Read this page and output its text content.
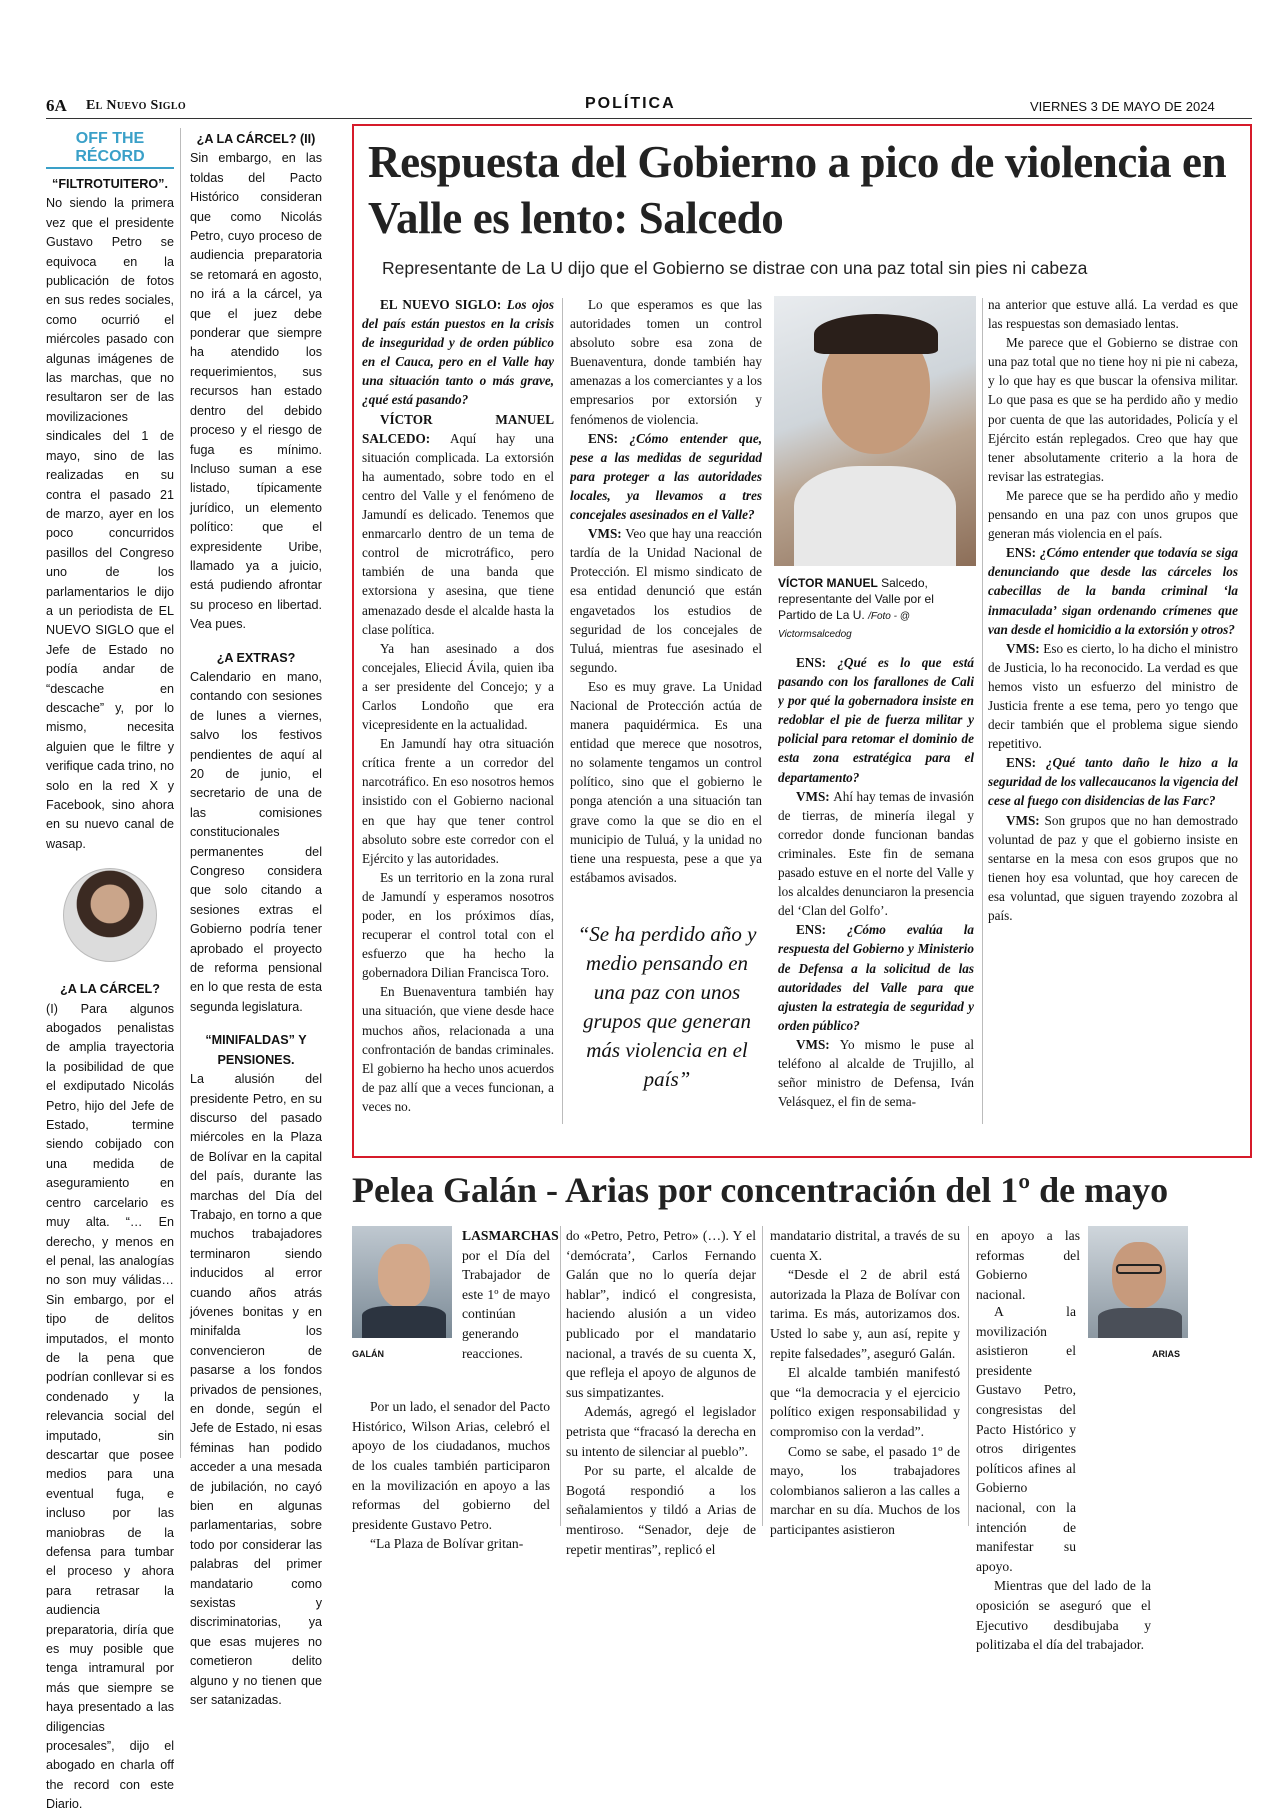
6A El Nuevo Siglo	POLÍTICA	VIERNES 3 DE MAYO DE 2024
OFF THE RÉCORD
“FILTROTUITERO”.

No siendo la primera vez que el presidente Gustavo Petro se equivoca en la publicación de fotos en sus redes sociales, como ocurrió el miércoles pasado con algunas imágenes de las marchas, que no resultaron ser de las movilizaciones sindicales del 1 de mayo, sino de las realizadas en su contra el pasado 21 de marzo, ayer en los poco concurridos pasillos del Congreso uno de los parlamentarios le dijo a un periodista de EL NUEVO SIGLO que el Jefe de Estado no podía andar de “descache en descache” y, por lo mismo, necesita alguien que le filtre y verifique cada trino, no solo en la red X y Facebook, sino ahora en su nuevo canal de wasap.

¿A LA CÁRCEL?

(I) Para algunos abogados penalistas de amplia trayectoria la posibilidad de que el exdiputado Nicolás Petro, hijo del Jefe de Estado, termine siendo cobijado con una medida de aseguramiento en centro carcelario es muy alta. “… En derecho, y menos en el penal, las analogías no son muy válidas… Sin embargo, por el tipo de delitos imputados, el monto de la pena que podrían conllevar si es condenado y la relevancia social del imputado, sin descartar que posee medios para una eventual fuga, e incluso por las maniobras de la defensa para tumbar el proceso y ahora para retrasar la audiencia preparatoria, diría que es muy posible que tenga intramural por más que siempre se haya presentado a las diligencias procesales”, dijo el abogado en charla off the record con este Diario.

¿A LA CÁRCEL? (II)

Sin embargo, en las toldas del Pacto Histórico consideran que como Nicolás Petro, cuyo proceso de audiencia preparatoria se retomará en agosto, no irá a la cárcel, ya que el juez debe ponderar que siempre ha atendido los requerimientos, sus recursos han estado dentro del debido proceso y el riesgo de fuga es mínimo. Incluso suman a ese listado, típicamente jurídico, un elemento político: que el expresidente Uribe, llamado ya a juicio, está pudiendo afrontar su proceso en libertad. Vea pues.

¿A EXTRAS?

Calendario en mano, contando con sesiones de lunes a viernes, salvo los festivos pendientes de aquí al 20 de junio, el secretario de una de las comisiones constitucionales permanentes del Congreso considera que solo citando a sesiones extras el Gobierno podría tener aprobado el proyecto de reforma pensional en lo que resta de esta segunda legislatura.

“MINIFALDAS” Y PENSIONES.

La alusión del presidente Petro, en su discurso del pasado miércoles en la Plaza de Bolívar en la capital del país, durante las marchas del Día del Trabajo, en torno a que muchos trabajadores terminaron siendo inducidos al error cuando años atrás jóvenes bonitas y en minifalda los convencieron de pasarse a los fondos privados de pensiones, en donde, según el Jefe de Estado, ni esas féminas han podido acceder a una mesada de jubilación, no cayó bien en algunas parlamentarias, sobre todo por considerar las palabras del primer mandatario como sexistas y discriminatorias, ya que esas mujeres no cometieron delito alguno y no tienen que ser satanizadas.

Respuesta del Gobierno a pico de violencia en Valle es lento: Salcedo
Representante de La U dijo que el Gobierno se distrae con una paz total sin pies ni cabeza

EL NUEVO SIGLO: Los ojos del país están puestos en la crisis de inseguridad y de orden público en el Cauca, pero en el Valle hay una situación tanto o más grave, ¿qué está pasando?

VÍCTOR MANUEL SALCEDO: Aquí hay una situación complicada. La extorsión ha aumentado, sobre todo en el centro del Valle y el fenómeno de Jamundí es delicado. Tenemos que enmarcarlo dentro de un tema de control de microtráfico, pero también de una banda que extorsiona y asesina, que tiene amenazado desde el alcalde hasta la clase política.

Ya han asesinado a dos concejales, Eliecid Ávila, quien iba a ser presidente del Concejo; y a Carlos Londoño que era vicepresidente en la actualidad.

En Jamundí hay otra situación crítica frente a un corredor del narcotráfico. En eso nosotros hemos insistido con el Gobierno nacional en que hay que tener control absoluto sobre este corredor con el Ejército y las autoridades.

Es un territorio en la zona rural de Jamundí y esperamos nosotros poder, en los próximos días, recuperar el control total con el esfuerzo que ha hecho la gobernadora Dilian Francisca Toro.

En Buenaventura también hay una situación, que viene desde hace muchos años, relacionada a una confrontación de bandas criminales. El gobierno ha hecho unos acuerdos de paz allí que a veces funcionan, a veces no.

Lo que esperamos es que las autoridades tomen un control absoluto sobre esa zona de Buenaventura, donde también hay amenazas a los comerciantes y a los empresarios por extorsión y fenómenos de violencia.

ENS: ¿Cómo entender que, pese a las medidas de seguridad para proteger a las autoridades locales, ya llevamos a tres concejales asesinados en el Valle?

VMS: Veo que hay una reacción tardía de la Unidad Nacional de Protección. El mismo sindicato de esa entidad denunció que están engavetados los estudios de seguridad de los concejales de Tuluá, mientras fue asesinado el segundo.

Eso es muy grave. La Unidad Nacional de Protección actúa de manera paquidérmica. Es una entidad que merece que nosotros, no solamente tengamos un control político, sino que el gobierno le ponga atención a una situación tan grave como la que se dio en el municipio de Tuluá, y la unidad no tiene una respuesta, pese a que ya estábamos avisados.

“Se ha perdido año y medio pensando en una paz con unos grupos que generan más violencia en el país”
VÍCTOR MANUEL Salcedo, representante del Valle por el Partido de La U. /Foto - @ Victormsalcedog

ENS: ¿Qué es lo que está pasando con los farallones de Cali y por qué la gobernadora insiste en redoblar el pie de fuerza militar y policial para retomar el dominio de esta zona estratégica para el departamento?

VMS: Ahí hay temas de invasión de tierras, de minería ilegal y corredor donde funcionan bandas criminales. Este fin de semana pasado estuve en el norte del Valle y los alcaldes denunciaron la presencia del ‘Clan del Golfo’.

ENS: ¿Cómo evalúa la respuesta del Gobierno y Ministerio de Defensa a la solicitud de las autoridades del Valle para que ajusten la estrategia de seguridad y orden público?

VMS: Yo mismo le puse al teléfono al alcalde de Trujillo, al señor ministro de Defensa, Iván Velásquez, el fin de sema-

na anterior que estuve allá. La verdad es que las respuestas son demasiado lentas.

Me parece que el Gobierno se distrae con una paz total que no tiene hoy ni pie ni cabeza, y lo que hay es que buscar la ofensiva militar. Lo que pasa es que se ha perdido año y medio por cuenta de que las autoridades, Policía y el Ejército están replegados. Creo que hay que tener absolutamente criterio a la hora de revisar las estrategias.

Me parece que se ha perdido año y medio pensando en una paz con unos grupos que generan más violencia en el país.

ENS: ¿Cómo entender que todavía se siga denunciando que desde las cárceles los cabecillas de la banda criminal ‘la inmaculada’ sigan ordenando crímenes que van desde el homicidio a la extorsión y otros?

VMS: Eso es cierto, lo ha dicho el ministro de Justicia, lo ha reconocido. La verdad es que hemos visto un esfuerzo del ministro de Justicia frente a ese tema, pero yo tengo que decir también que el problema sigue siendo repetitivo.

ENS: ¿Qué tanto daño le hizo a la seguridad de los vallecaucanos la vigencia del cese al fuego con disidencias de las Farc?

VMS: Son grupos que no han demostrado voluntad de paz y que el gobierno insiste en sentarse en la mesa con esos grupos que no tienen hoy esa voluntad, que hoy carecen de esa voluntad, que siguen trayendo zozobra al país.

Pelea Galán - Arias por concentración del 1º de mayo
GALÁN

LASMARCHAS por el Día del Trabajador de este 1º de mayo continúan generando reacciones.

Por un lado, el senador del Pacto Histórico, Wilson Arias, celebró el apoyo de los ciudadanos, muchos de los cuales también participaron en la movilización en apoyo a las reformas del gobierno del presidente Gustavo Petro.

“La Plaza de Bolívar gritan-

do «Petro, Petro, Petro» (…). Y el ‘demócrata’, Carlos Fernando Galán que no lo quería dejar hablar”, indicó el congresista, haciendo alusión a un video publicado por el mandatario nacional, a través de su cuenta X, que refleja el apoyo de algunos de sus simpatizantes.

Además, agregó el legislador petrista que “fracasó la derecha en su intento de silenciar al pueblo”.

Por su parte, el alcalde de Bogotá respondió a los señalamientos y tildó a Arias de mentiroso. “Senador, deje de repetir mentiras”, replicó el

mandatario distrital, a través de su cuenta X.

“Desde el 2 de abril está autorizada la Plaza de Bolívar con tarima. Es más, autorizamos dos. Usted lo sabe y, aun así, repite y repite falsedades”, aseguró Galán.

El alcalde también manifestó que “la democracia y el ejercicio político exigen responsabilidad y compromiso con la verdad”.

Como se sabe, el pasado 1º de mayo, los trabajadores colombianos salieron a las calles a marchar en su día. Muchos de los participantes asistieron

ARIAS

en apoyo a las reformas del Gobierno nacional.

A la movilización asistieron el presidente Gustavo Petro, congresistas del Pacto Histórico y otros dirigentes políticos afines al Gobierno nacional, con la intención de manifestar su apoyo.

Mientras que del lado de la oposición se aseguró que el Ejecutivo desdibujaba y politizaba el día del trabajador.
